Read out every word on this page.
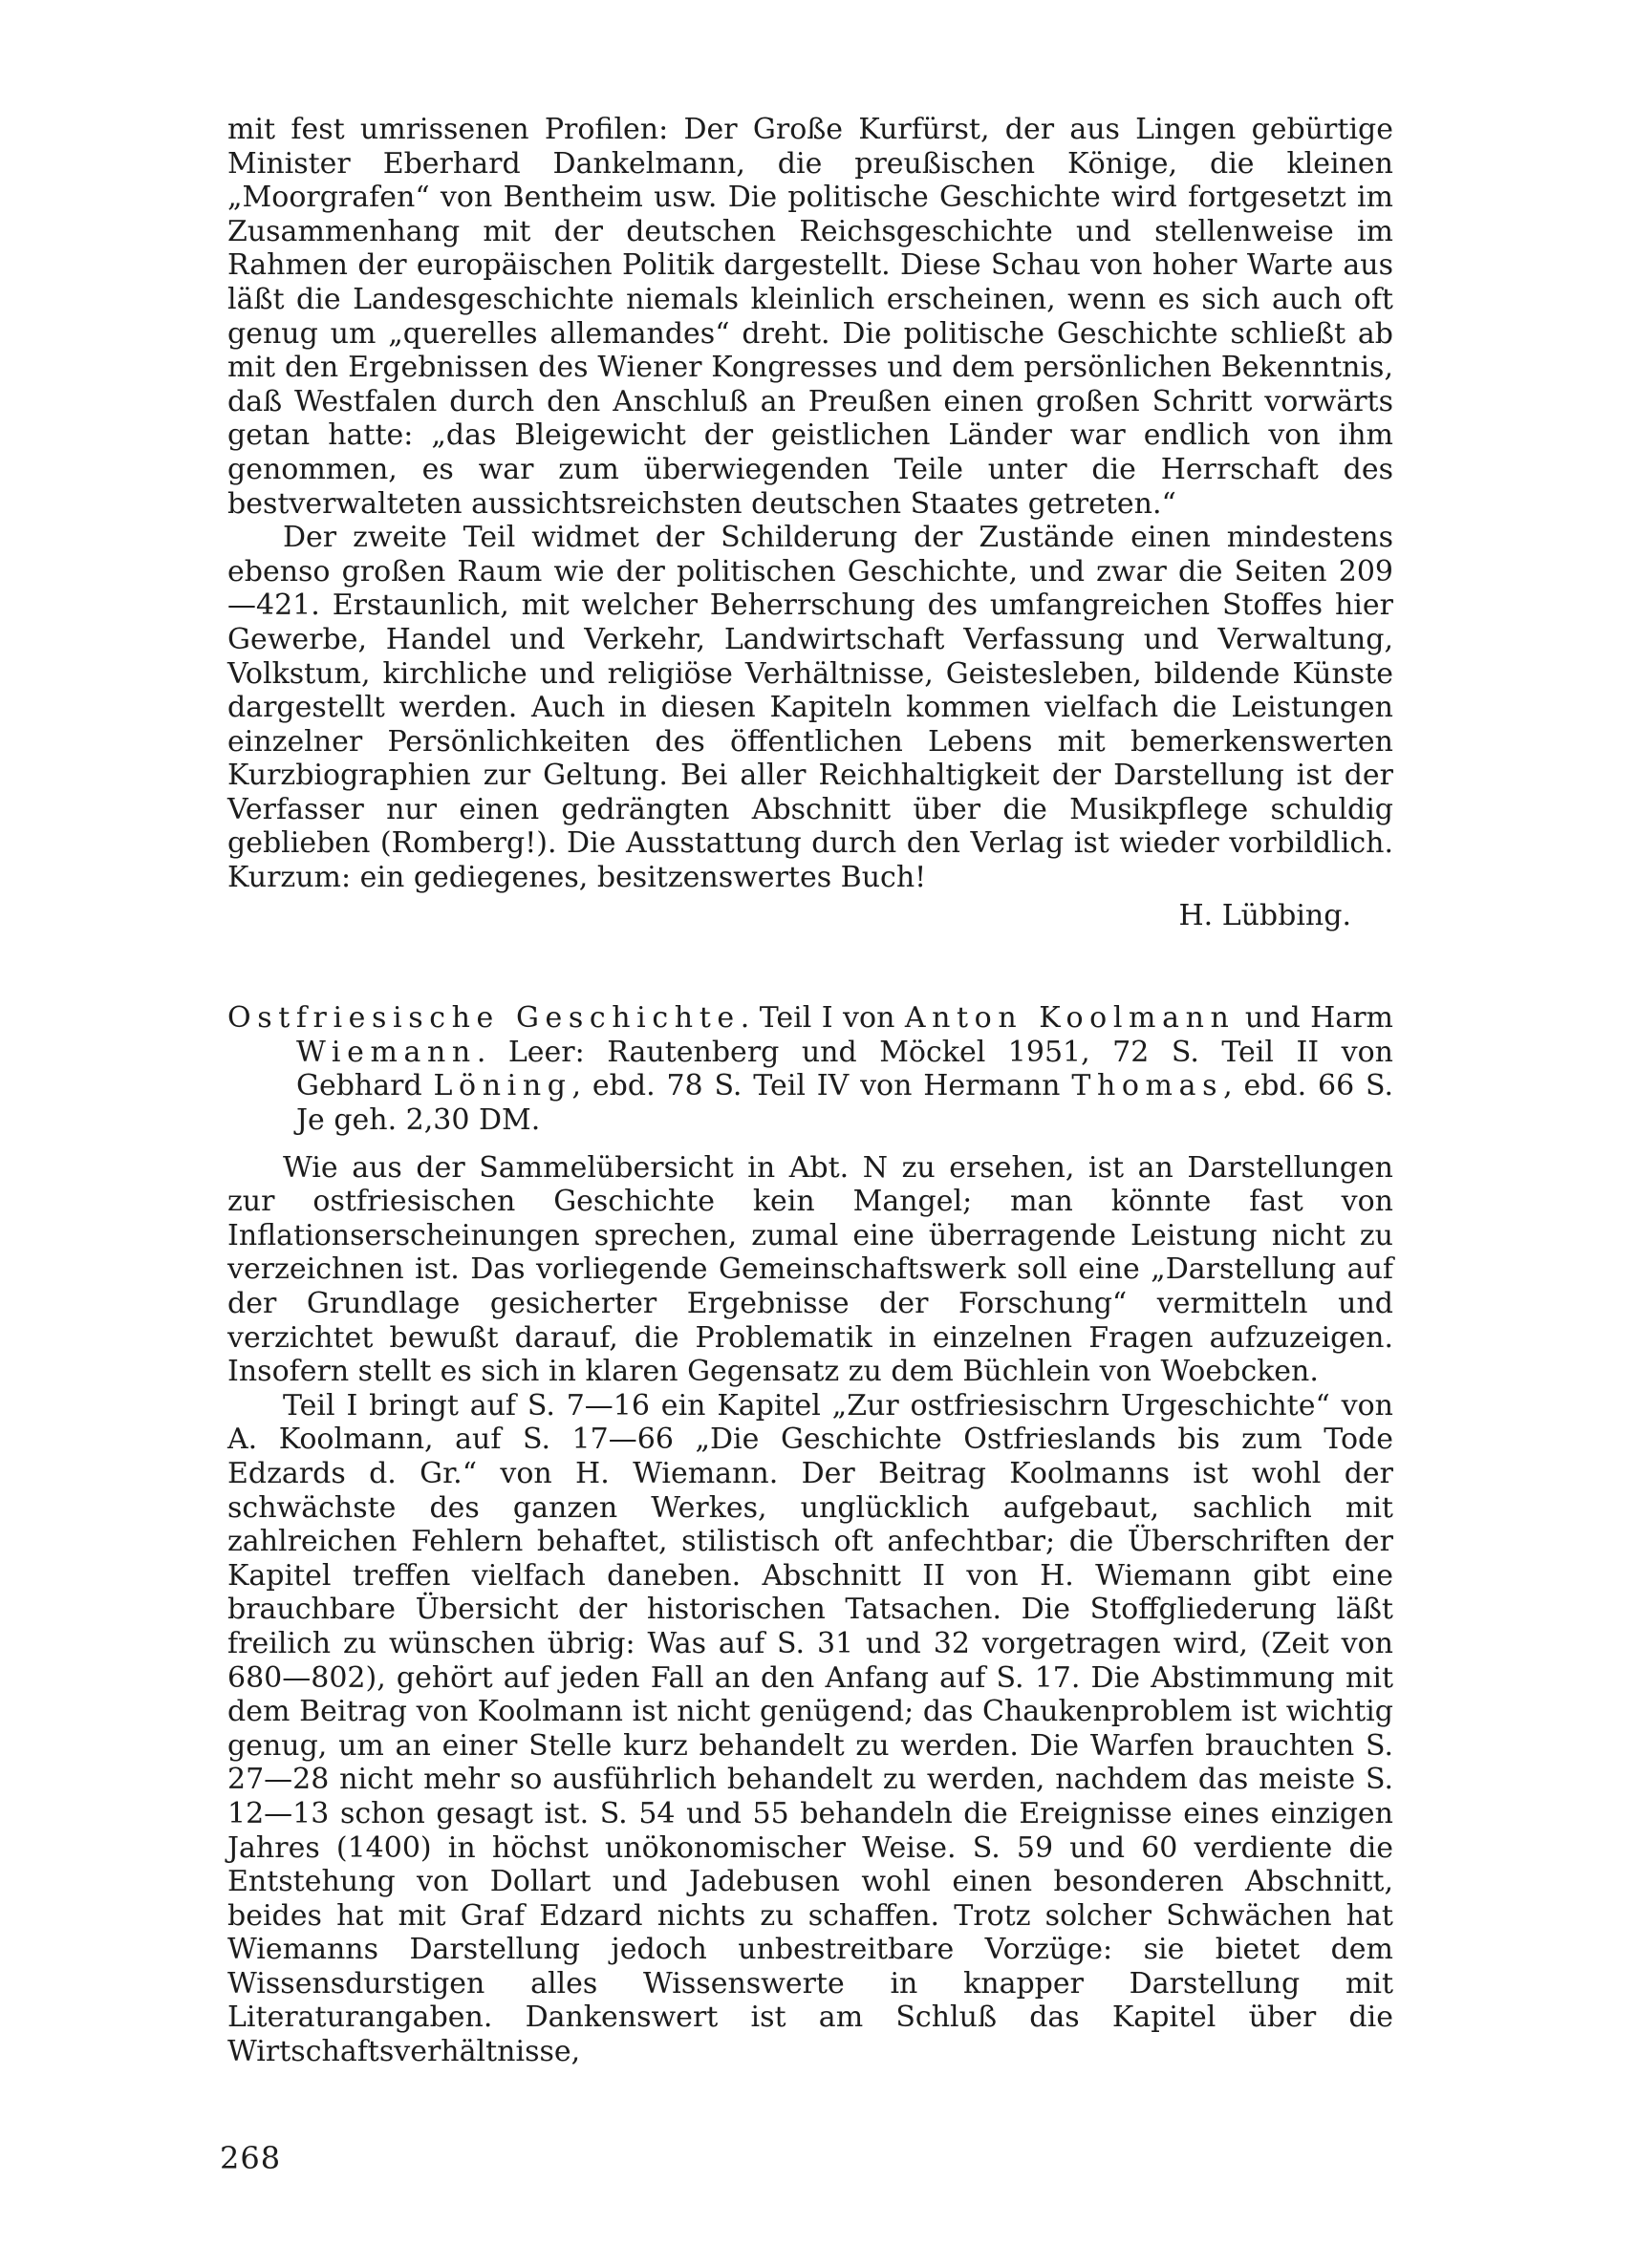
mit fest umrissenen Profilen: Der Große Kurfürst, der aus Lingen gebürtige Minister Eberhard Dankelmann, die preußischen Könige, die kleinen „Moorgrafen“ von Bentheim usw. Die politische Geschichte wird fortgesetzt im Zusammenhang mit der deutschen Reichsgeschichte und stellenweise im Rahmen der europäischen Politik dargestellt. Diese Schau von hoher Warte aus läßt die Landesgeschichte niemals kleinlich erscheinen, wenn es sich auch oft genug um „querelles allemandes“ dreht. Die politische Geschichte schließt ab mit den Ergebnissen des Wiener Kongresses und dem persönlichen Bekenntnis, daß Westfalen durch den Anschluß an Preußen einen großen Schritt vorwärts getan hatte: „das Bleigewicht der geistlichen Länder war endlich von ihm genommen, es war zum überwiegenden Teile unter die Herrschaft des bestverwalteten aussichtsreichsten deutschen Staates getreten.“

Der zweite Teil widmet der Schilderung der Zustände einen mindestens ebenso großen Raum wie der politischen Geschichte, und zwar die Seiten 209—421. Erstaunlich, mit welcher Beherrschung des umfangreichen Stoffes hier Gewerbe, Handel und Verkehr, Landwirtschaft Verfassung und Verwaltung, Volkstum, kirchliche und religiöse Verhältnisse, Geistesleben, bildende Künste dargestellt werden. Auch in diesen Kapiteln kommen vielfach die Leistungen einzelner Persönlichkeiten des öffentlichen Lebens mit bemerkenswerten Kurzbiographien zur Geltung. Bei aller Reichhaltigkeit der Darstellung ist der Verfasser nur einen gedrängten Abschnitt über die Musikpflege schuldig geblieben (Romberg!). Die Ausstattung durch den Verlag ist wieder vorbildlich. Kurzum: ein gediegenes, besitzenswertes Buch!

H. Lübbing.

Ostfriesische Geschichte. Teil I von Anton Koolmann und Harm Wiemann. Leer: Rautenberg und Möckel 1951, 72 S. Teil II von Gebhard Löning, ebd. 78 S. Teil IV von Hermann Thomas, ebd. 66 S. Je geh. 2,30 DM.

Wie aus der Sammelübersicht in Abt. N zu ersehen, ist an Darstellungen zur ostfriesischen Geschichte kein Mangel; man könnte fast von Inflationserscheinungen sprechen, zumal eine überragende Leistung nicht zu verzeichnen ist. Das vorliegende Gemeinschaftswerk soll eine „Darstellung auf der Grundlage gesicherter Ergebnisse der Forschung“ vermitteln und verzichtet bewußt darauf, die Problematik in einzelnen Fragen aufzuzeigen. Insofern stellt es sich in klaren Gegensatz zu dem Büchlein von Woebcken.

Teil I bringt auf S. 7—16 ein Kapitel „Zur ostfriesischrn Urgeschichte“ von A. Koolmann, auf S. 17—66 „Die Geschichte Ostfrieslands bis zum Tode Edzards d. Gr.“ von H. Wiemann. Der Beitrag Koolmanns ist wohl der schwächste des ganzen Werkes, unglücklich aufgebaut, sachlich mit zahlreichen Fehlern behaftet, stilistisch oft anfechtbar; die Überschriften der Kapitel treffen vielfach daneben. Abschnitt II von H. Wiemann gibt eine brauchbare Übersicht der historischen Tatsachen. Die Stoffgliederung läßt freilich zu wünschen übrig: Was auf S. 31 und 32 vorgetragen wird, (Zeit von 680—802), gehört auf jeden Fall an den Anfang auf S. 17. Die Abstimmung mit dem Beitrag von Koolmann ist nicht genügend; das Chaukenproblem ist wichtig genug, um an einer Stelle kurz behandelt zu werden. Die Warfen brauchten S. 27—28 nicht mehr so ausführlich behandelt zu werden, nachdem das meiste S. 12—13 schon gesagt ist. S. 54 und 55 behandeln die Ereignisse eines einzigen Jahres (1400) in höchst unökonomischer Weise. S. 59 und 60 verdiente die Entstehung von Dollart und Jadebusen wohl einen besonderen Abschnitt, beides hat mit Graf Edzard nichts zu schaffen. Trotz solcher Schwächen hat Wiemanns Darstellung jedoch unbestreitbare Vorzüge: sie bietet dem Wissensdurstigen alles Wissenswerte in knapper Darstellung mit Literaturangaben. Dankenswert ist am Schluß das Kapitel über die Wirtschaftsverhältnisse,

268
